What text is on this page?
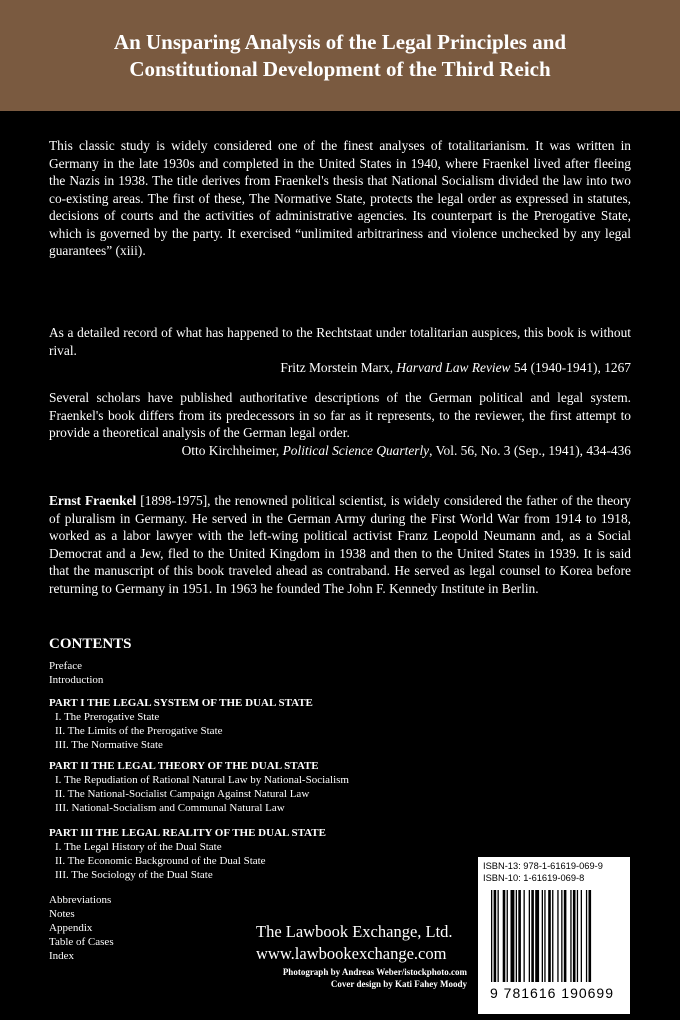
An Unsparing Analysis of the Legal Principles and
Constitutional Development of the Third Reich
This classic study is widely considered one of the finest analyses of totalitarianism. It was written in Germany in the late 1930s and completed in the United States in 1940, where Fraenkel lived after fleeing the Nazis in 1938. The title derives from Fraenkel's thesis that National Socialism divided the law into two co-existing areas. The first of these, The Normative State, protects the legal order as expressed in statutes, decisions of courts and the activities of administrative agencies. Its counterpart is the Prerogative State, which is governed by the party. It exercised “unlimited arbitrariness and violence unchecked by any legal guarantees” (xiii).
As a detailed record of what has happened to the Rechtstaat under totalitarian auspices, this book is without rival.
Fritz Morstein Marx, Harvard Law Review 54 (1940-1941), 1267
Several scholars have published authoritative descriptions of the German political and legal system. Fraenkel's book differs from its predecessors in so far as it represents, to the reviewer, the first attempt to provide a theoretical analysis of the German legal order.
Otto Kirchheimer, Political Science Quarterly, Vol. 56, No. 3 (Sep., 1941), 434-436
Ernst Fraenkel [1898-1975], the renowned political scientist, is widely considered the father of the theory of pluralism in Germany. He served in the German Army during the First World War from 1914 to 1918, worked as a labor lawyer with the left-wing political activist Franz Leopold Neumann and, as a Social Democrat and a Jew, fled to the United Kingdom in 1938 and then to the United States in 1939. It is said that the manuscript of this book traveled ahead as contraband. He served as legal counsel to Korea before returning to Germany in 1951. In 1963 he founded The John F. Kennedy Institute in Berlin.
CONTENTS
Preface
Introduction
PART I THE LEGAL SYSTEM OF THE DUAL STATE
I. The Prerogative State
II. The Limits of the Prerogative State
III. The Normative State
PART II THE LEGAL THEORY OF THE DUAL STATE
I. The Repudiation of Rational Natural Law by National-Socialism
II. The National-Socialist Campaign Against Natural Law
III. National-Socialism and Communal Natural Law
PART III THE LEGAL REALITY OF THE DUAL STATE
I. The Legal History of the Dual State
II. The Economic Background of the Dual State
III. The Sociology of the Dual State
Abbreviations
Notes
Appendix
Table of Cases
Index
The Lawbook Exchange, Ltd.
www.lawbookexchange.com
Photograph by Andreas Weber/istockphoto.com
Cover design by Kati Fahey Moody
ISBN-13: 978-1-61619-069-9
ISBN-10: 1-61619-069-8
9 781616 190699
